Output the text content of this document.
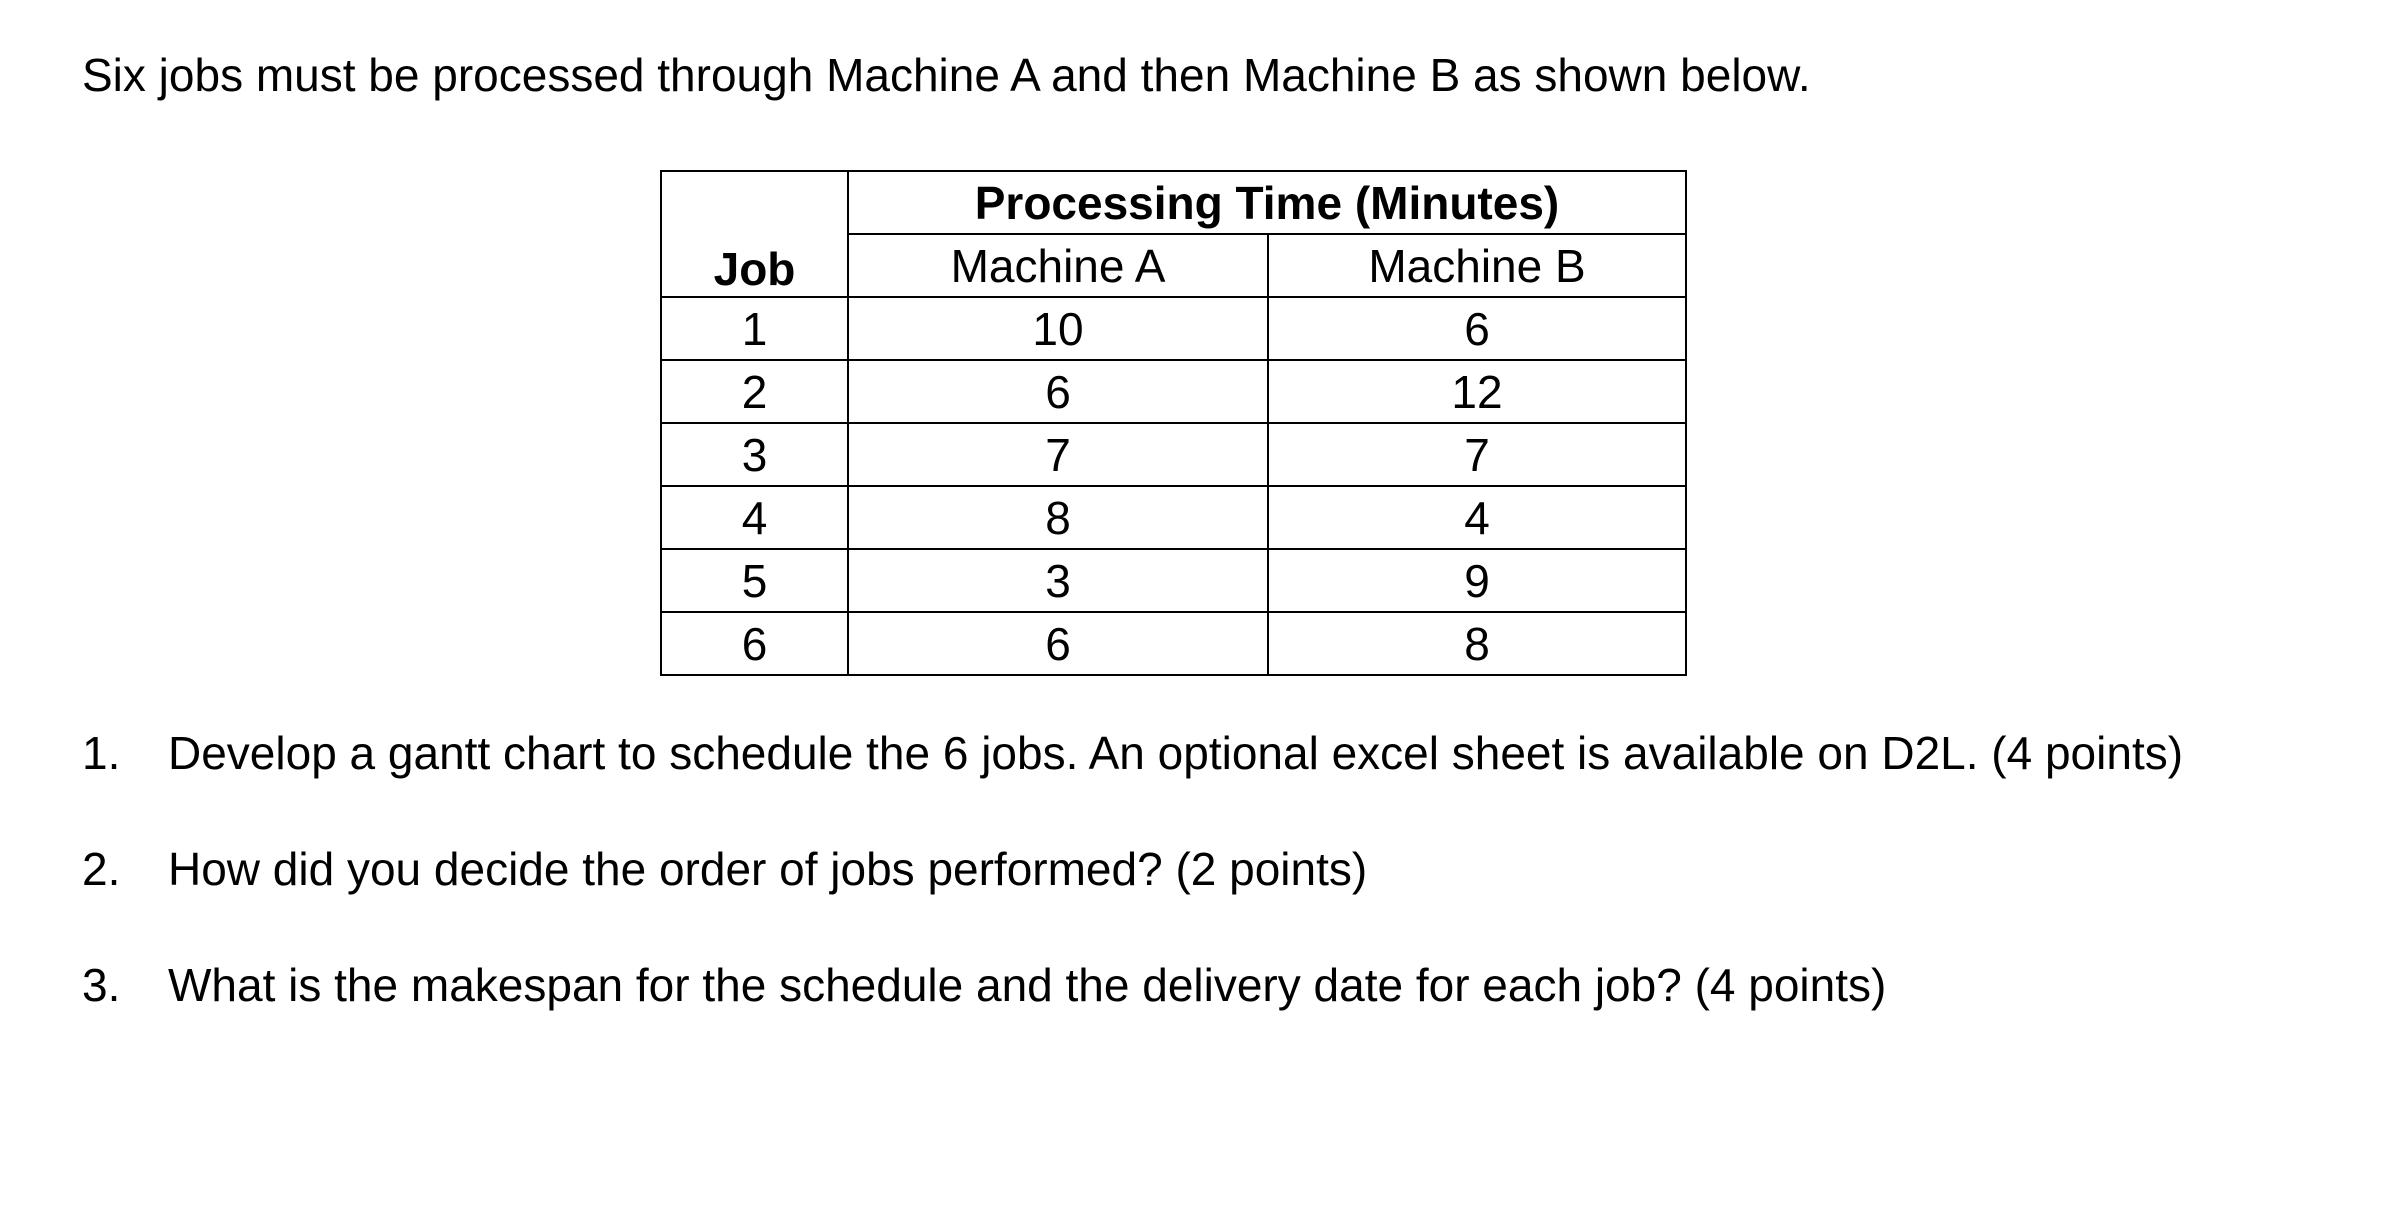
Six jobs must be processed through Machine A and then Machine B as shown below.

Job	Processing Time (Minutes)	
	Machine A	Machine B
1	10	6
2	6	12
3	7	7
4	8	4
5	3	9
6	6	8
1.	Develop a gantt chart to schedule the 6 jobs. An optional excel sheet is available on D2L. (4 points)
2.	How did you decide the order of jobs performed? (2 points)
3.	What is the makespan for the schedule and the delivery date for each job? (4 points)
